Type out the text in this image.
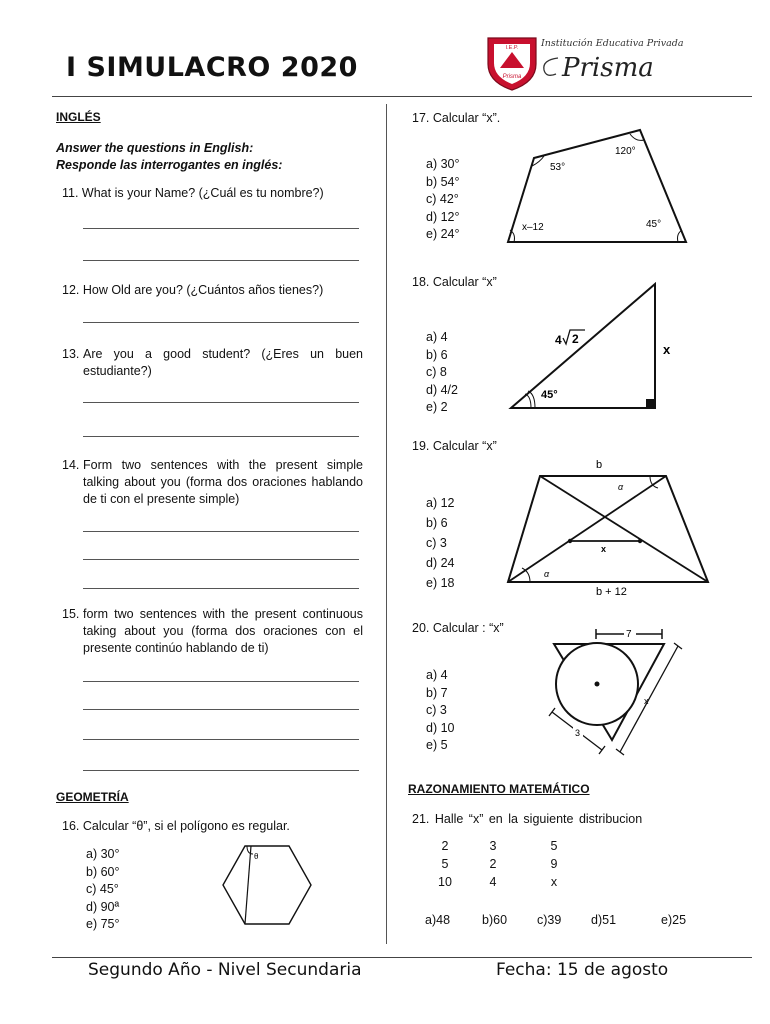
I SIMULACRO 2020
I.E.P.
Prisma
Institución Educativa Privada
Prisma
INGLÉS
Answer the questions in English:
Responde las interrogantes en inglés:
11. What is your Name? (¿Cuál es tu nombre?)
12. How Old are you? (¿Cuántos años tienes?)
13. Are you a good student? (¿Eres un buen estudiante?)
14. Form two sentences with the present simple talking about you (forma dos oraciones hablando de ti con el presente simple)
15. form two sentences with the present continuous taking about you (forma dos oraciones con el presente continúo hablando de ti)
GEOMETRÍA
16. Calcular “θ”, si el polígono es regular.
a) 30°
b) 60°
c) 45°
d) 90ª
e) 75°
θ
17. Calcular “x”.
a) 30°
b) 54°
c) 42°
d) 12°
e) 24°
53°
120°
45°
x–12
18. Calcular “x”
a) 4
b) 6
c) 8
d) 4/2
e) 2
45°
4 2
x
19. Calcular “x”
a) 12
b) 6
c) 3
d) 24
e) 18
b
x
α
α
b + 12
20. Calcular : “x”
a) 4
b) 7
c) 3
d) 10
e) 5
7
x
3
RAZONAMIENTO MATEMÁTICO
21. Halle “x” en la siguiente distribucion
2	3	5
5	2	9
10	4	x
a)48	b)60 c)39 d)51	e)25
Segundo Año - Nivel Secundaria	Fecha: 15 de agosto
